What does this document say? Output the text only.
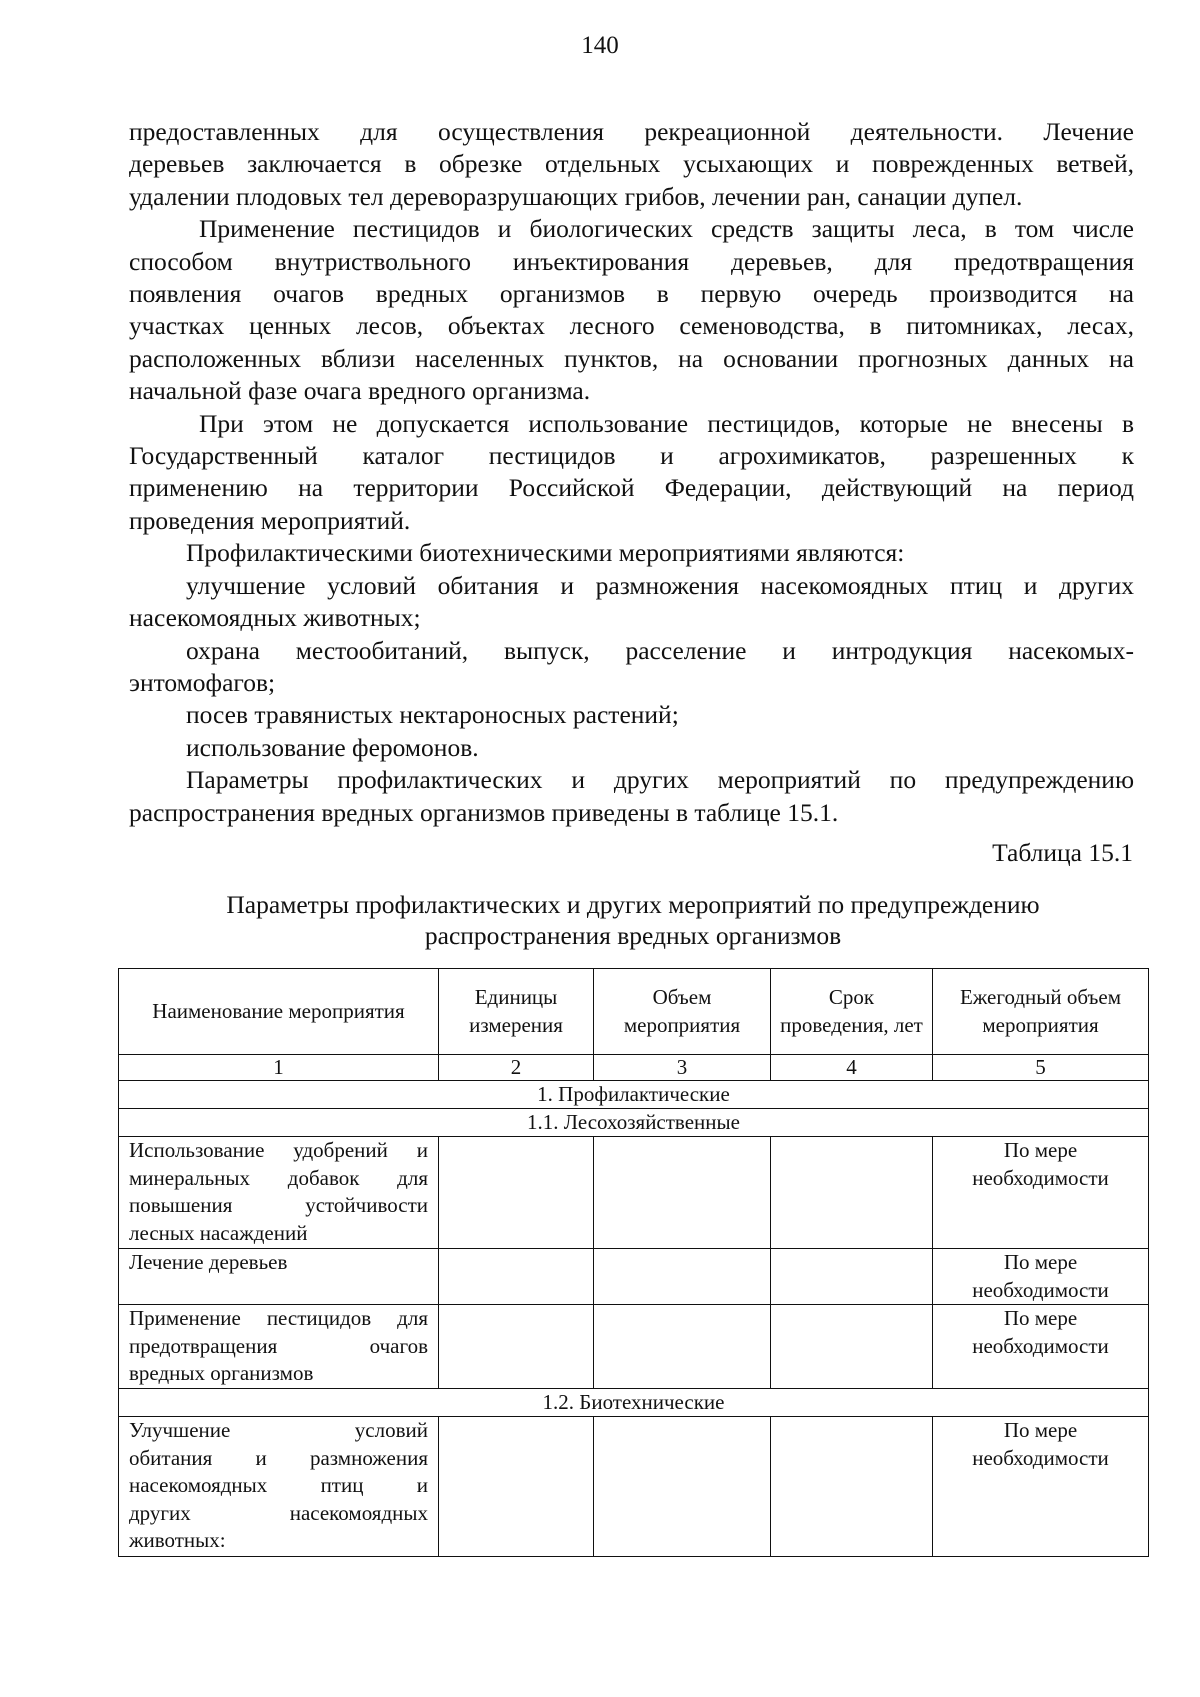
140

предоставленных для осуществления рекреационной деятельности. Лечение

деревьев заключается в обрезке отдельных усыхающих и поврежденных ветвей,

удалении плодовых тел дереворазрушающих грибов, лечении ран, санации дупел.

Применение пестицидов и биологических средств защиты леса, в том числе

способом внутриствольного инъектирования деревьев, для предотвращения

появления очагов вредных организмов в первую очередь производится на

участках ценных лесов, объектах лесного семеноводства, в питомниках, лесах,

расположенных вблизи населенных пунктов, на основании прогнозных данных на

начальной фазе очага вредного организма.

При этом не допускается использование пестицидов, которые не внесены в

Государственный каталог пестицидов и агрохимикатов, разрешенных к

применению на территории Российской Федерации, действующий на период

проведения мероприятий.

Профилактическими биотехническими мероприятиями являются:

улучшение условий обитания и размножения насекомоядных птиц и других

насекомоядных животных;

охрана местообитаний, выпуск, расселение и интродукция насекомых-

энтомофагов;

посев травянистых нектароносных растений;

использование феромонов.

Параметры профилактических и других мероприятий по предупреждению

распространения вредных организмов приведены в таблице 15.1.

Таблица 15.1
Параметры профилактических и других мероприятий по предупреждению
распространения вредных организмов
Наименование мероприятия	Единицы измерения	Объем мероприятия	Срок проведения, лет	Ежегодный объем мероприятия
1	2	3	4	5
1. Профилактические				
1.1. Лесохозяйственные				

Использование удобрений и
минеральных добавок для
повышения устойчивости
лесных насаждений				По мере
необходимости

Лечение деревьев				По мере
необходимости

Применение пестицидов для
предотвращения очагов
вредных организмов				По мере
необходимости

1.2. Биотехнические				

Улучшение условий
обитания и размножения
насекомоядных птиц и
других насекомоядных
животных:				По мере
необходимости
